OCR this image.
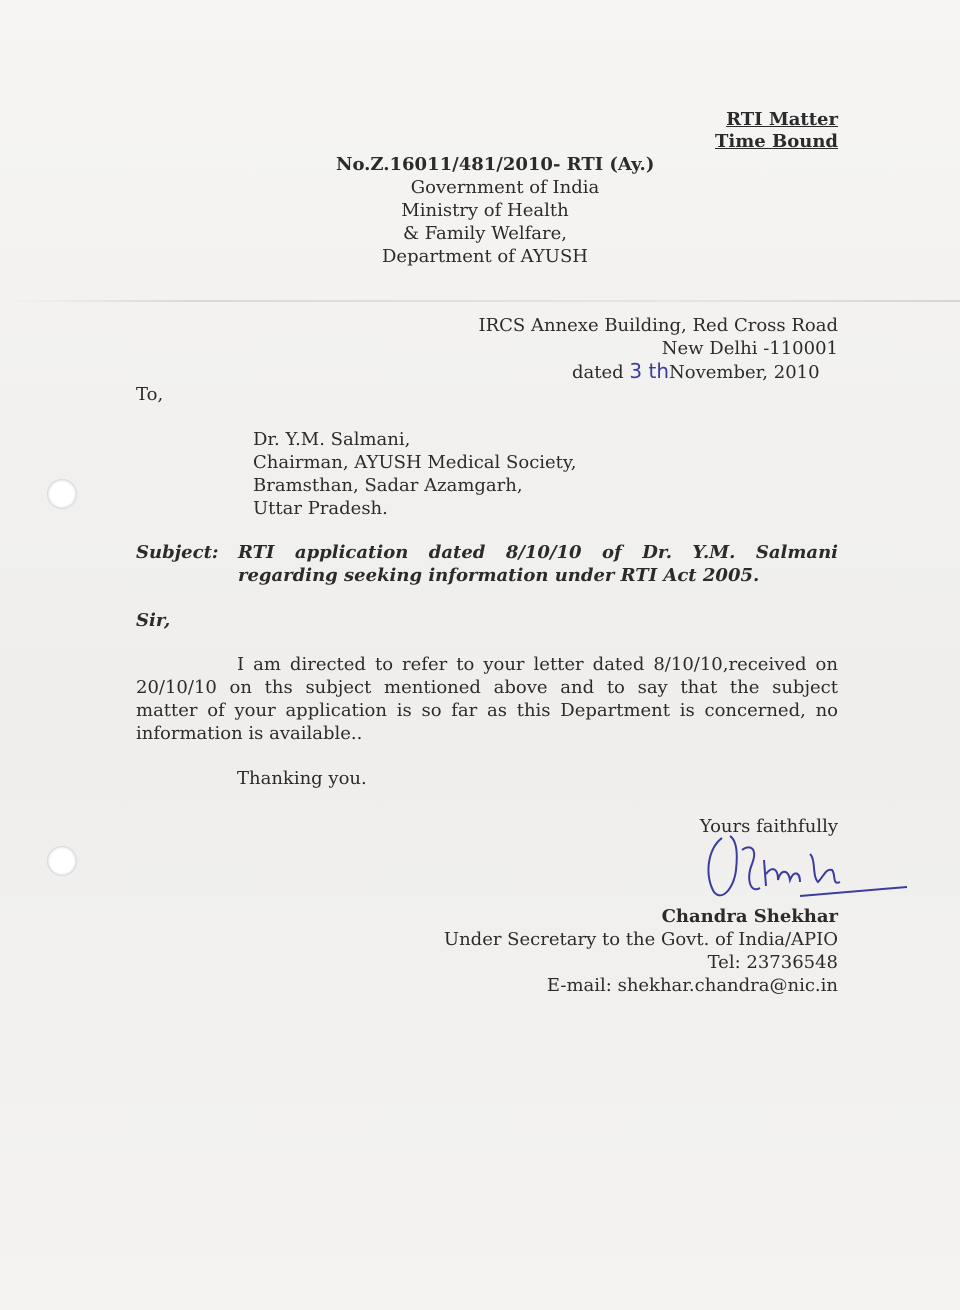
RTI Matter
Time Bound
No.Z.16011/481/2010- RTI (Ay.)
Government of India
Ministry of Health
& Family Welfare,
Department of AYUSH
IRCS Annexe Building, Red Cross Road
New Delhi -110001
dated 3 thNovember, 2010
To,
Dr. Y.M. Salmani,
Chairman, AYUSH Medical Society,
Bramsthan, Sadar Azamgarh,
Uttar Pradesh.
Subject: RTI application dated 8/10/10 of Dr. Y.M. Salmani
regarding seeking information under RTI Act 2005.
Sir,
I am directed to refer to your letter dated 8/10/10,received on
20/10/10 on ths subject mentioned above and to say that the subject
matter of your application is so far as this Department is concerned, no
information is available..
Thanking you.
Yours faithfully
Chandra Shekhar
Under Secretary to the Govt. of India/APIO
Tel: 23736548
E-mail: shekhar.chandra@nic.in
